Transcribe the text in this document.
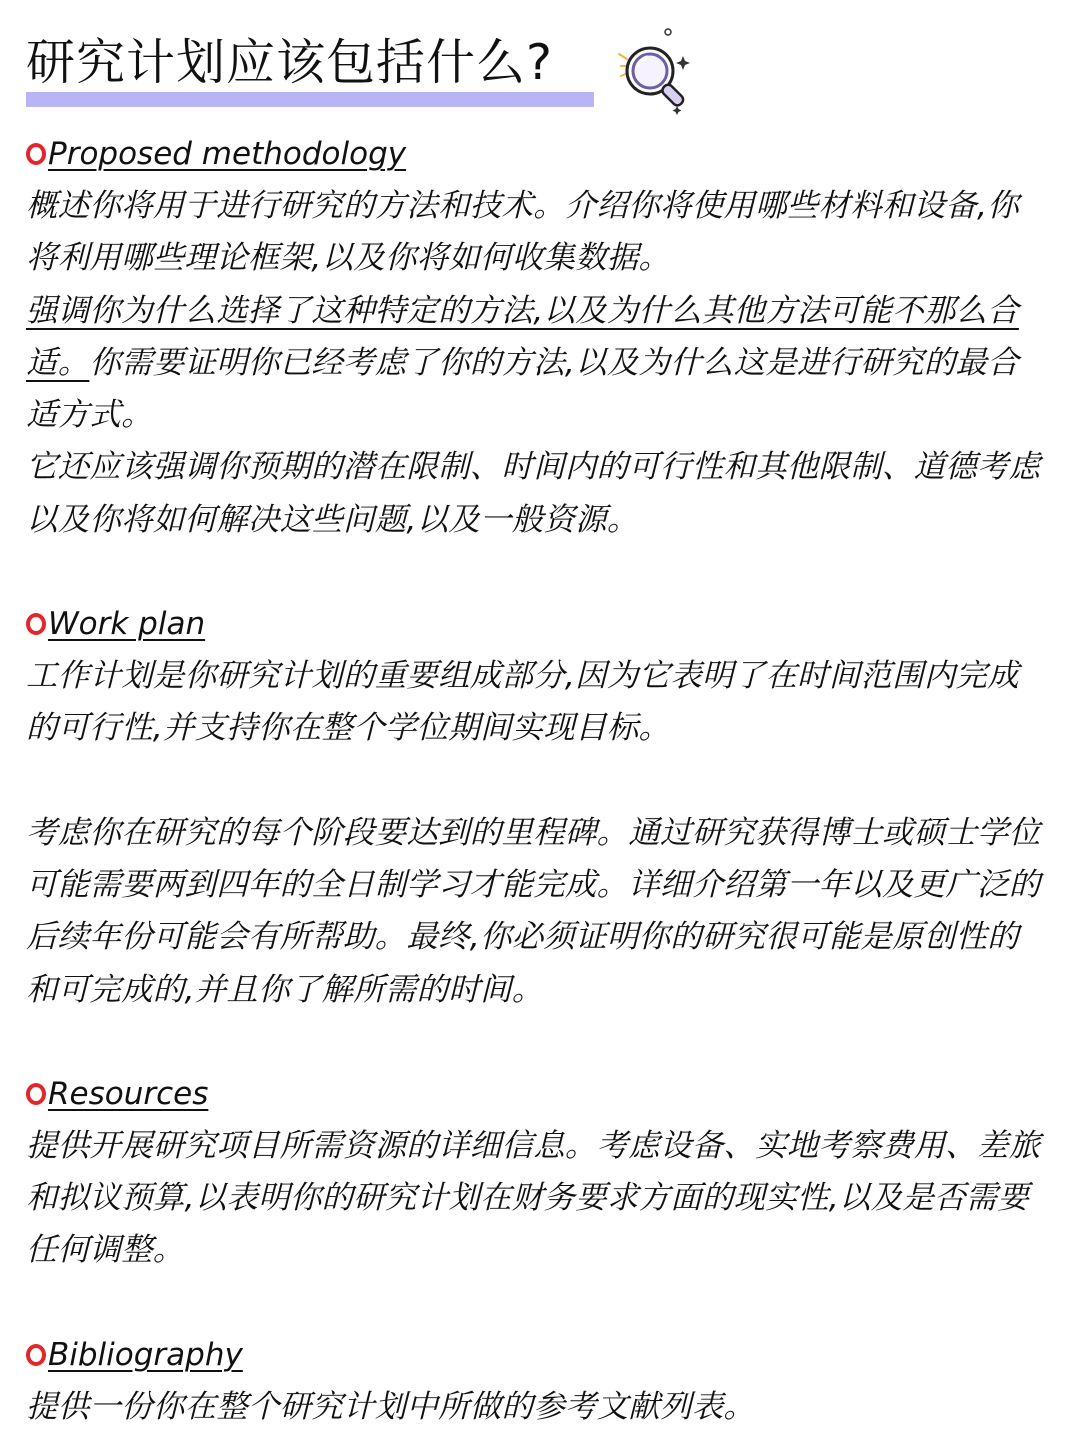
研究计划应该包括什么?
Proposed methodology

概述你将用于进行研究的方法和技术。介绍你将使用哪些材料和设备,你将利用哪些理论框架,以及你将如何收集数据。

强调你为什么选择了这种特定的方法,以及为什么其他方法可能不那么合适。你需要证明你已经考虑了你的方法,以及为什么这是进行研究的最合适方式。

它还应该强调你预期的潜在限制、时间内的可行性和其他限制、道德考虑以及你将如何解决这些问题,以及一般资源。

Work plan

工作计划是你研究计划的重要组成部分,因为它表明了在时间范围内完成的可行性,并支持你在整个学位期间实现目标。

考虑你在研究的每个阶段要达到的里程碑。通过研究获得博士或硕士学位可能需要两到四年的全日制学习才能完成。详细介绍第一年以及更广泛的后续年份可能会有所帮助。最终,你必须证明你的研究很可能是原创性的和可完成的,并且你了解所需的时间。

Resources

提供开展研究项目所需资源的详细信息。考虑设备、实地考察费用、差旅和拟议预算,以表明你的研究计划在财务要求方面的现实性,以及是否需要任何调整。

Bibliography

提供一份你在整个研究计划中所做的参考文献列表。
